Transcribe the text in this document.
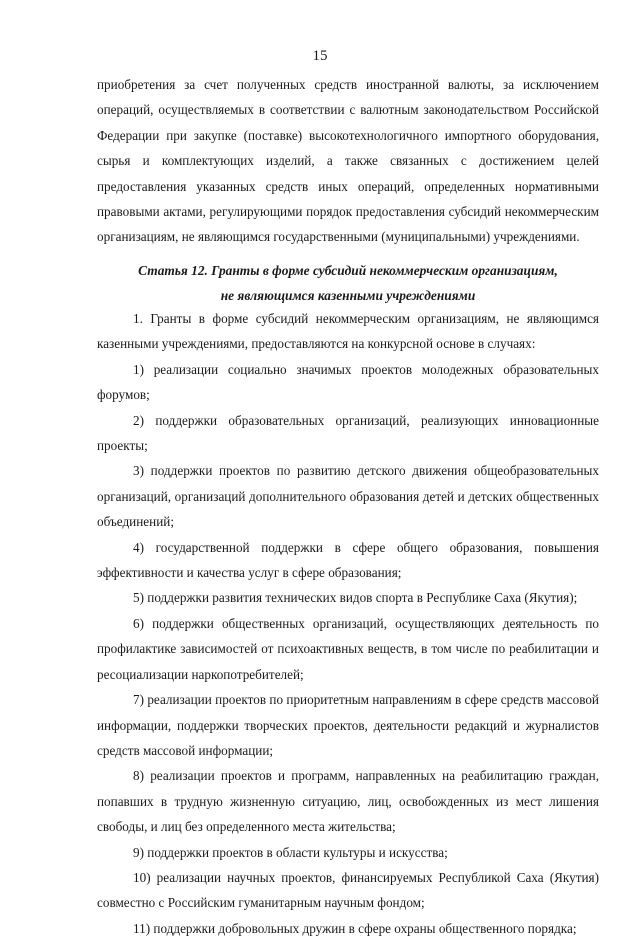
15

приобретения за счет полученных средств иностранной валюты, за исключением операций, осуществляемых в соответствии с валютным законодательством Российской Федерации при закупке (поставке) высокотехнологичного импортного оборудования, сырья и комплектующих изделий, а также связанных с достижением целей предоставления указанных средств иных операций, определенных нормативными правовыми актами, регулирующими порядок предоставления субсидий некоммерческим организациям, не являющимся государственными (муниципальными) учреждениями.

Статья 12. Гранты в форме субсидий некоммерческим организациям,
не являющимся казенными учреждениями

1. Гранты в форме субсидий некоммерческим организациям, не являющимся казенными учреждениями, предоставляются на конкурсной основе в случаях:

1) реализации социально значимых проектов молодежных образовательных форумов;

2) поддержки образовательных организаций, реализующих инновационные проекты;

3) поддержки проектов по развитию детского движения общеобразовательных организаций, организаций дополнительного образования детей и детских общественных объединений;

4) государственной поддержки в сфере общего образования, повышения эффективности и качества услуг в сфере образования;

5) поддержки развития технических видов спорта в Республике Саха (Якутия);

6) поддержки общественных организаций, осуществляющих деятельность по профилактике зависимостей от психоактивных веществ, в том числе по реабилитации и ресоциализации наркопотребителей;

7) реализации проектов по приоритетным направлениям в сфере средств массовой информации, поддержки творческих проектов, деятельности редакций и журналистов средств массовой информации;

8) реализации проектов и программ, направленных на реабилитацию граждан, попавших в трудную жизненную ситуацию, лиц, освобожденных из мест лишения свободы, и лиц без определенного места жительства;

9) поддержки проектов в области культуры и искусства;

10) реализации научных проектов, финансируемых Республикой Саха (Якутия) совместно с Российским гуманитарным научным фондом;

11) поддержки добровольных дружин в сфере охраны общественного порядка;
